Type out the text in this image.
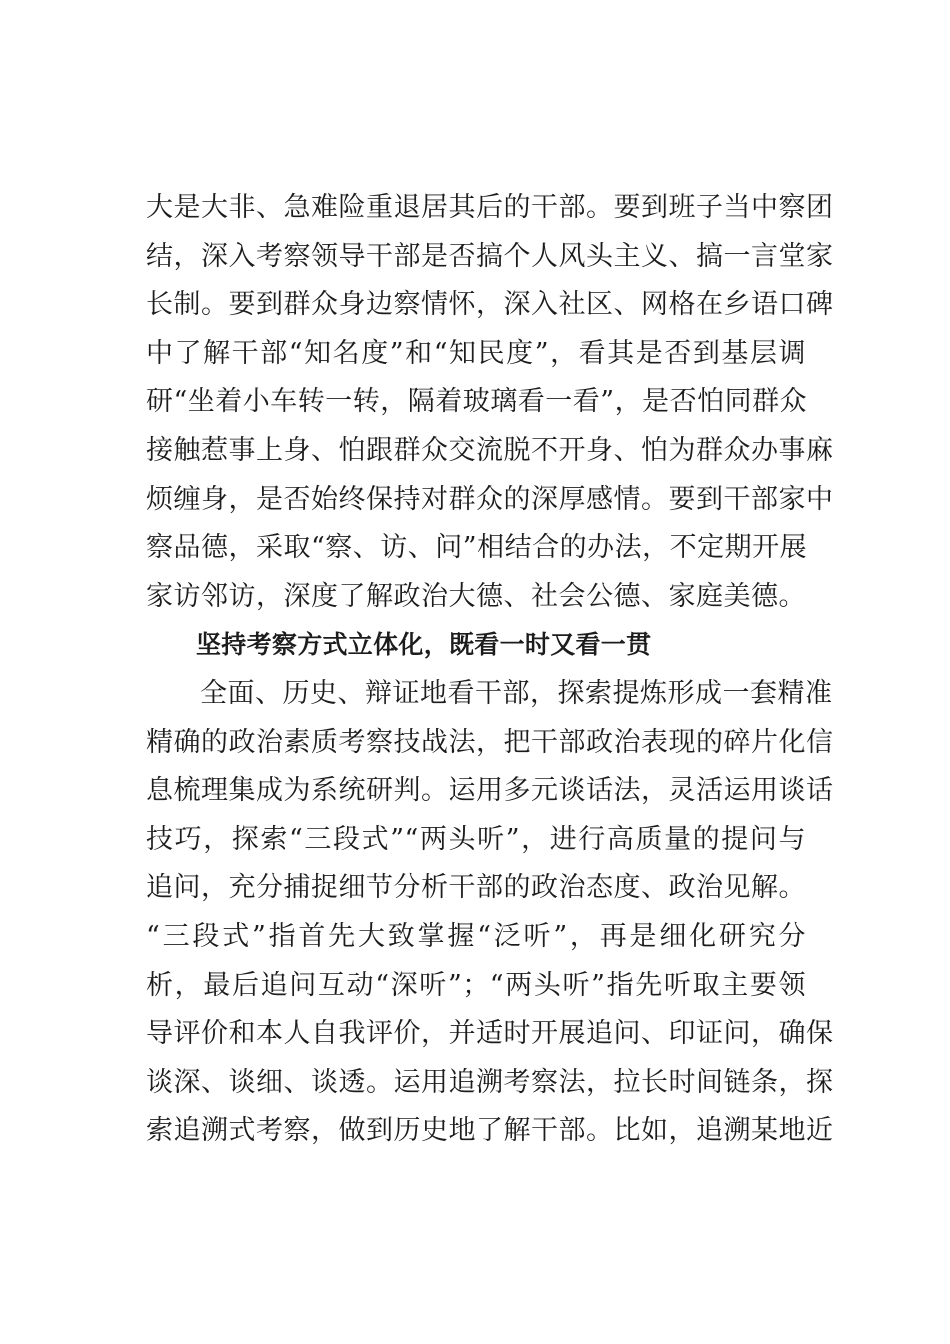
大是大非、急难险重退居其后的干部。要到班子当中察团
结，深入考察领导干部是否搞个人风头主义、搞一言堂家
长制。要到群众身边察情怀，深入社区、网格在乡语口碑
中了解干部“知名度”和“知民度”，看其是否到基层调
研“坐着小车转一转，隔着玻璃看一看”，是否怕同群众
接触惹事上身、怕跟群众交流脱不开身、怕为群众办事麻
烦缠身，是否始终保持对群众的深厚感情。要到干部家中
察品德，采取“察、访、问”相结合的办法，不定期开展
家访邻访，深度了解政治大德、社会公德、家庭美德。
坚持考察方式立体化，既看一时又看一贯
全面、历史、辩证地看干部，探索提炼形成一套精准
精确的政治素质考察技战法，把干部政治表现的碎片化信
息梳理集成为系统研判。运用多元谈话法，灵活运用谈话
技巧，探索“三段式”“两头听”，进行高质量的提问与
追问，充分捕捉细节分析干部的政治态度、政治见解。
“三段式”指首先大致掌握“泛听”，再是细化研究分
析，最后追问互动“深听”；“两头听”指先听取主要领
导评价和本人自我评价，并适时开展追问、印证问，确保
谈深、谈细、谈透。运用追溯考察法，拉长时间链条，探
索追溯式考察，做到历史地了解干部。比如，追溯某地近
